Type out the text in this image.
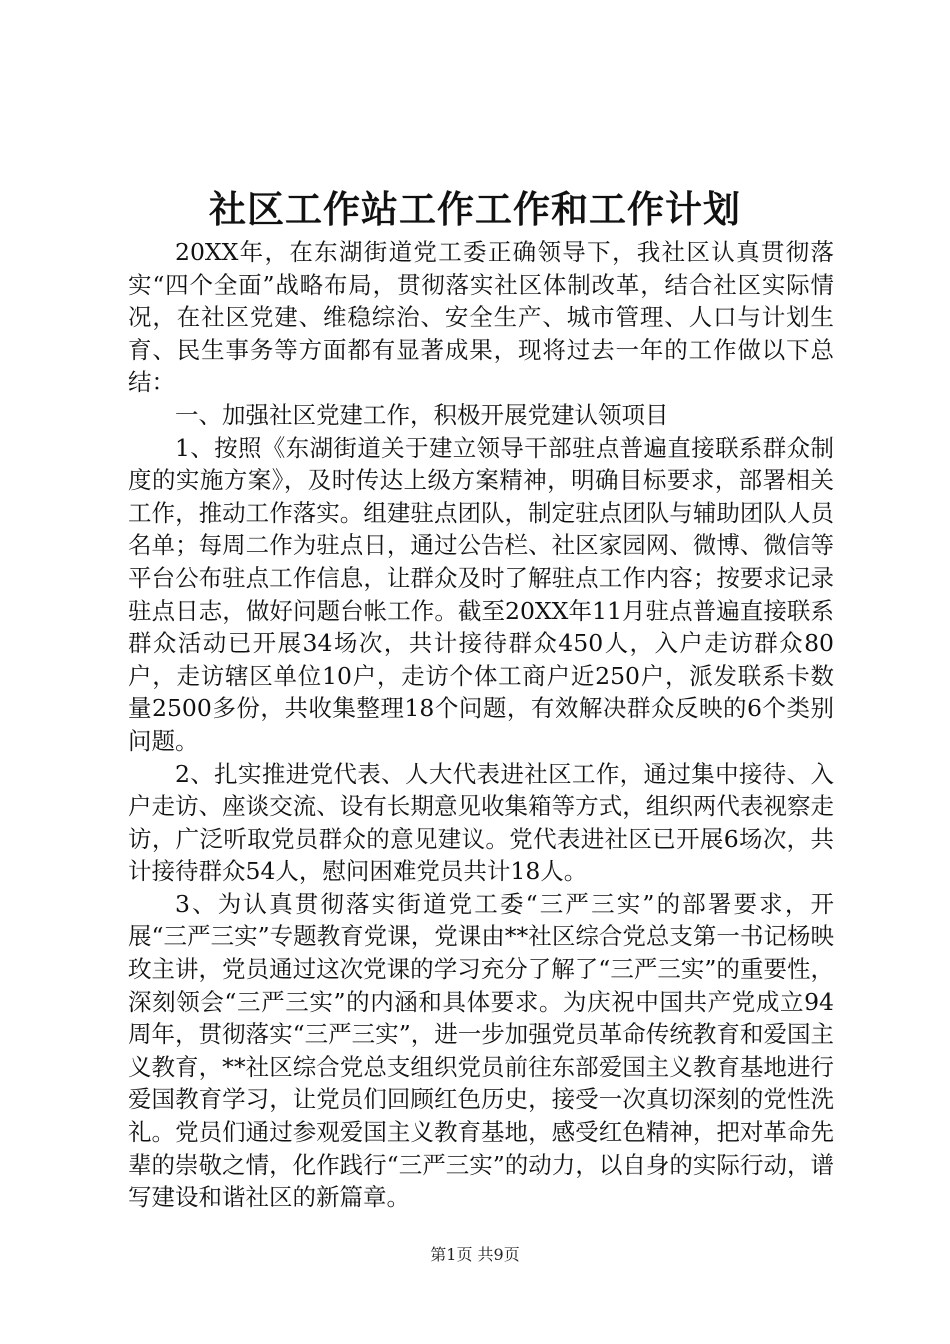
社区工作站工作工作和工作计划

20XX年，在东湖街道党工委正确领导下，我社区认真贯彻落实“四个全面”战略布局，贯彻落实社区体制改革，结合社区实际情况，在社区党建、维稳综治、安全生产、城市管理、人口与计划生育、民生事务等方面都有显著成果，现将过去一年的工作做以下总结：

一、加强社区党建工作，积极开展党建认领项目

1、按照《东湖街道关于建立领导干部驻点普遍直接联系群众制度的实施方案》，及时传达上级方案精神，明确目标要求，部署相关工作，推动工作落实。组建驻点团队，制定驻点团队与辅助团队人员名单；每周二作为驻点日，通过公告栏、社区家园网、微博、微信等平台公布驻点工作信息，让群众及时了解驻点工作内容；按要求记录驻点日志，做好问题台帐工作。截至20XX年11月驻点普遍直接联系群众活动已开展34场次，共计接待群众450人，入户走访群众80户，走访辖区单位10户，走访个体工商户近250户，派发联系卡数量2500多份，共收集整理18个问题，有效解决群众反映的6个类别问题。

2、扎实推进党代表、人大代表进社区工作，通过集中接待、入户走访、座谈交流、设有长期意见收集箱等方式，组织两代表视察走访，广泛听取党员群众的意见建议。党代表进社区已开展6场次，共计接待群众54人，慰问困难党员共计18人。

3、为认真贯彻落实街道党工委“三严三实”的部署要求，开展“三严三实”专题教育党课，党课由**社区综合党总支第一书记杨映玫主讲，党员通过这次党课的学习充分了解了“三严三实”的重要性，深刻领会“三严三实”的内涵和具体要求。为庆祝中国共产党成立94周年，贯彻落实“三严三实”，进一步加强党员革命传统教育和爱国主义教育，**社区综合党总支组织党员前往东部爱国主义教育基地进行爱国教育学习，让党员们回顾红色历史，接受一次真切深刻的党性洗礼。党员们通过参观爱国主义教育基地，感受红色精神，把对革命先辈的崇敬之情，化作践行“三严三实”的动力，以自身的实际行动，谱写建设和谐社区的新篇章。

第1页 共9页
